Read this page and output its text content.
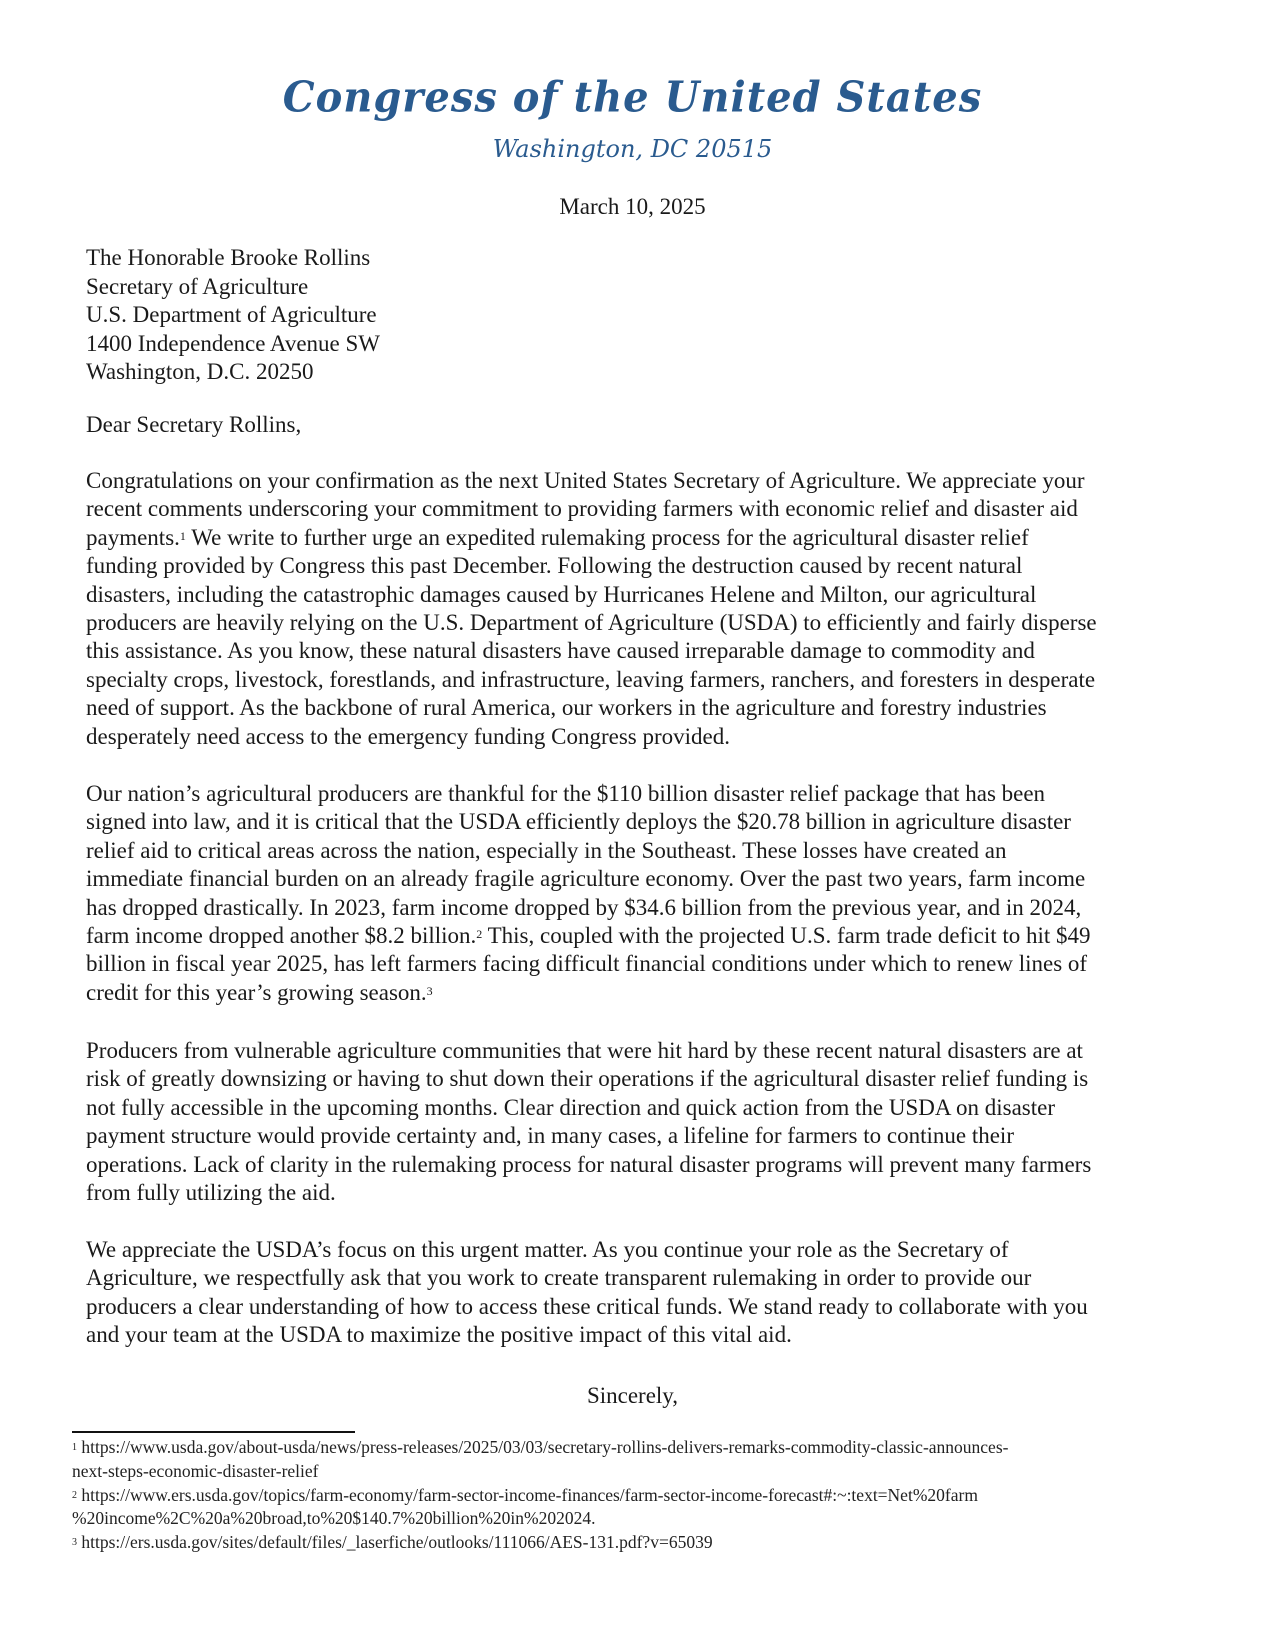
Congress of the United States
Washington, DC 20515
March 10, 2025
The Honorable Brooke Rollins
Secretary of Agriculture
U.S. Department of Agriculture
1400 Independence Avenue SW
Washington, D.C. 20250
Dear Secretary Rollins,
Congratulations on your confirmation as the next United States Secretary of Agriculture. We appreciate your
recent comments underscoring your commitment to providing farmers with economic relief and disaster aid
payments.$^1$ We write to further urge an expedited rulemaking process for the agricultural disaster relief
funding provided by Congress this past December. Following the destruction caused by recent natural
disasters, including the catastrophic damages caused by Hurricanes Helene and Milton, our agricultural
producers are heavily relying on the U.S. Department of Agriculture (USDA) to efficiently and fairly disperse
this assistance. As you know, these natural disasters have caused irreparable damage to commodity and
specialty crops, livestock, forestlands, and infrastructure, leaving farmers, ranchers, and foresters in desperate
need of support. As the backbone of rural America, our workers in the agriculture and forestry industries
desperately need access to the emergency funding Congress provided.
Our nation’s agricultural producers are thankful for the $110 billion disaster relief package that has been
signed into law, and it is critical that the USDA efficiently deploys the $20.78 billion in agriculture disaster
relief aid to critical areas across the nation, especially in the Southeast. These losses have created an
immediate financial burden on an already fragile agriculture economy. Over the past two years, farm income
has dropped drastically. In 2023, farm income dropped by $34.6 billion from the previous year, and in 2024,
farm income dropped another $8.2 billion.$^2$ This, coupled with the projected U.S. farm trade deficit to hit $49
billion in fiscal year 2025, has left farmers facing difficult financial conditions under which to renew lines of
credit for this year’s growing season.$^3$
Producers from vulnerable agriculture communities that were hit hard by these recent natural disasters are at
risk of greatly downsizing or having to shut down their operations if the agricultural disaster relief funding is
not fully accessible in the upcoming months. Clear direction and quick action from the USDA on disaster
payment structure would provide certainty and, in many cases, a lifeline for farmers to continue their
operations. Lack of clarity in the rulemaking process for natural disaster programs will prevent many farmers
from fully utilizing the aid.
We appreciate the USDA’s focus on this urgent matter. As you continue your role as the Secretary of
Agriculture, we respectfully ask that you work to create transparent rulemaking in order to provide our
producers a clear understanding of how to access these critical funds. We stand ready to collaborate with you
and your team at the USDA to maximize the positive impact of this vital aid.
Sincerely,
$^1$ https://www.usda.gov/about-usda/news/press-releases/2025/03/03/secretary-rollins-delivers-remarks-commodity-classic-announces-
next-steps-economic-disaster-relief
$^2$ https://www.ers.usda.gov/topics/farm-economy/farm-sector-income-finances/farm-sector-income-forecast#:~:text=Net%20farm
%20income%2C%20a%20broad,to%20$140.7%20billion%20in%202024.
$^3$ https://ers.usda.gov/sites/default/files/_laserfiche/outlooks/111066/AES-131.pdf?v=65039
